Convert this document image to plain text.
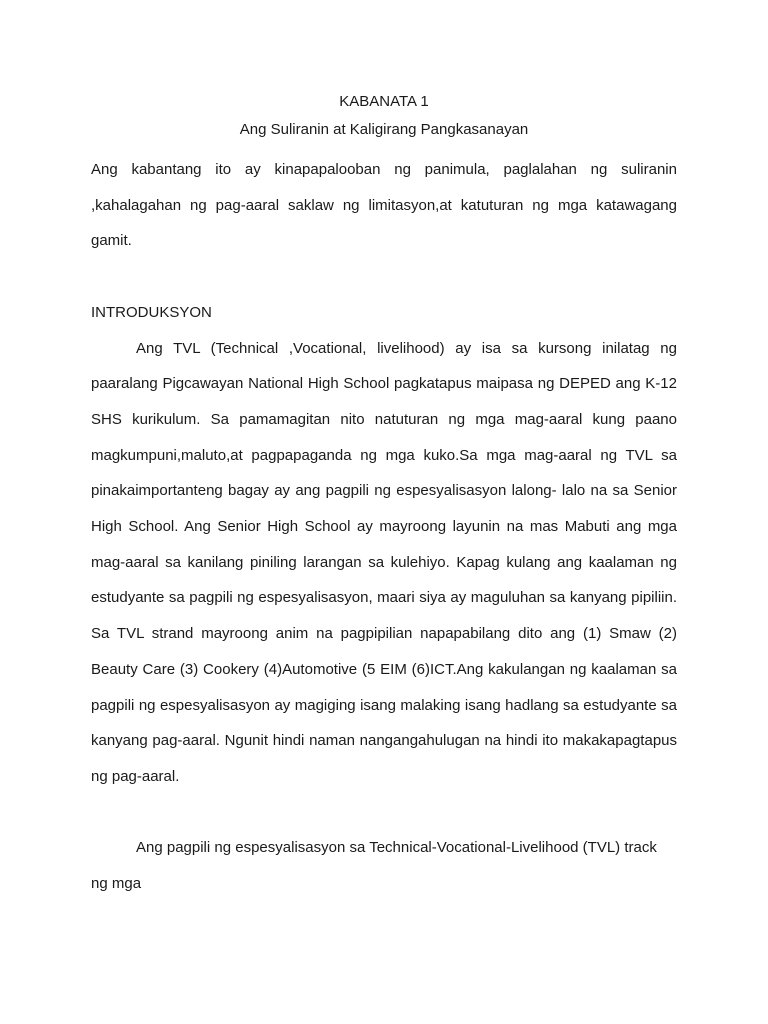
KABANATA 1

Ang Suliranin at Kaligirang Pangkasanayan

Ang kabantang ito ay kinapapalooban ng panimula, paglalahan ng suliranin ,kahalagahan ng pag-aaral saklaw ng limitasyon,at katuturan ng mga katawagang gamit.

INTRODUKSYON

Ang TVL (Technical ,Vocational, livelihood) ay isa sa kursong inilatag ng paaralang Pigcawayan National High School pagkatapus maipasa ng DEPED ang K-12 SHS kurikulum. Sa pamamagitan nito natuturan ng mga mag-aaral kung paano magkumpuni,maluto,at pagpapaganda ng mga kuko.Sa mga mag-aaral ng TVL sa pinakaimportanteng bagay ay ang pagpili ng espesyalisasyon lalong- lalo na sa Senior High School. Ang Senior High School ay mayroong layunin na mas Mabuti ang mga mag-aaral sa kanilang piniling larangan sa kulehiyo. Kapag kulang ang kaalaman ng estudyante sa pagpili ng espesyalisasyon, maari siya ay maguluhan sa kanyang pipiliin. Sa TVL strand mayroong anim na pagpipilian napapabilang dito ang (1) Smaw (2) Beauty Care (3) Cookery (4)Automotive (5 EIM (6)ICT.Ang kakulangan ng kaalaman sa pagpili ng espesyalisasyon ay magiging isang malaking isang hadlang sa estudyante sa kanyang pag-aaral. Ngunit hindi naman nangangahulugan na hindi ito makakapagtapus ng pag-aaral.

Ang pagpili ng espesyalisasyon sa Technical-Vocational-Livelihood (TVL) track ng mga
